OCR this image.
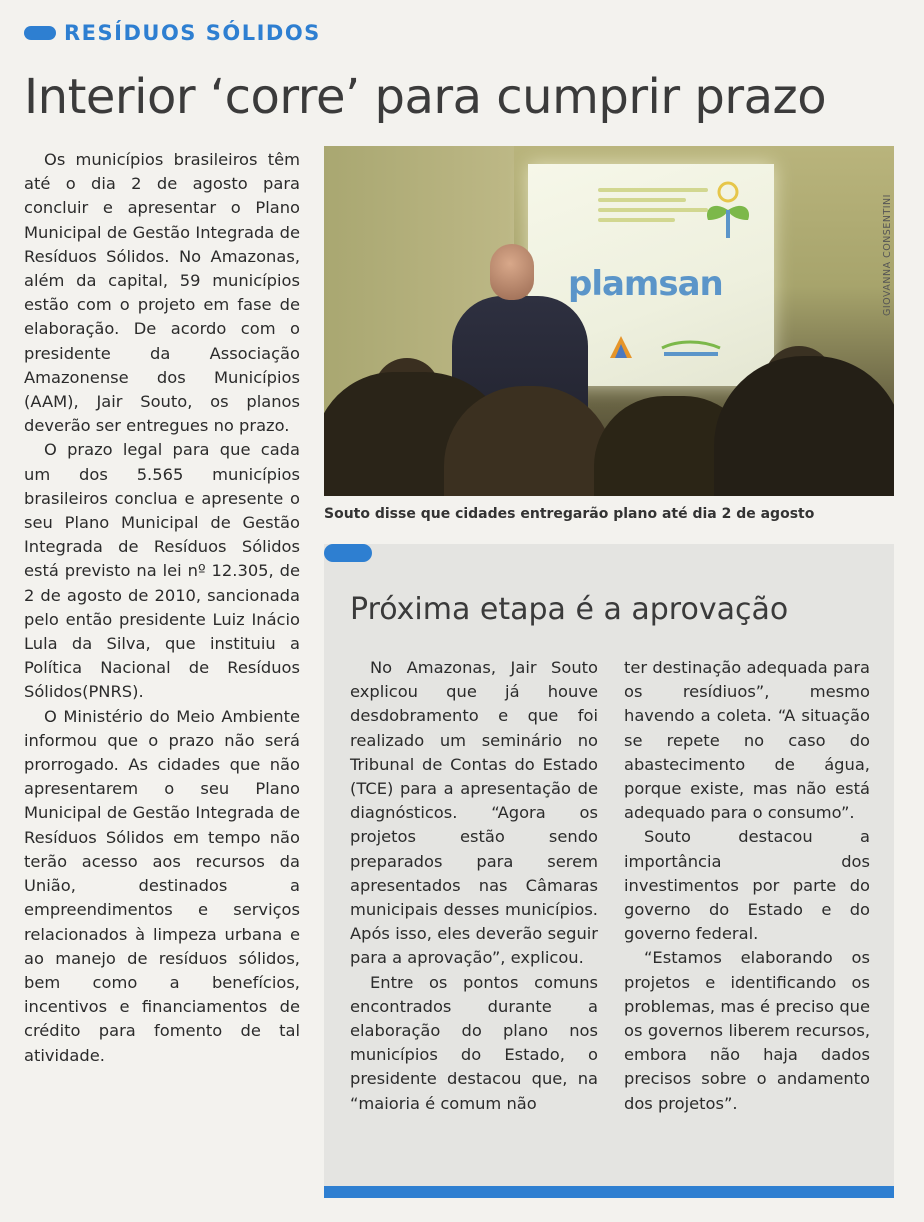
RESÍDUOS SÓLIDOS
Interior ‘corre’ para cumprir prazo

Os municípios brasileiros têm até o dia 2 de agosto para concluir e apresentar o Plano Municipal de Gestão Integrada de Resíduos Sólidos. No Amazonas, além da capital, 59 municípios estão com o projeto em fase de elaboração. De acordo com o presidente da Associação Amazonense dos Municípios (AAM), Jair Souto, os planos deverão ser entregues no prazo.

O prazo legal para que cada um dos 5.565 municípios brasileiros conclua e apresente o seu Plano Municipal de Gestão Integrada de Resíduos Sólidos está previsto na lei nº 12.305, de 2 de agosto de 2010, sancionada pelo então presidente Luiz Inácio Lula da Silva, que instituiu a Política Nacional de Resíduos Sólidos(PNRS).

O Ministério do Meio Ambiente informou que o prazo não será prorrogado. As cidades que não apresentarem o seu Plano Municipal de Gestão Integrada de Resíduos Sólidos em tempo não terão acesso aos recursos da União, destinados a empreendimentos e serviços relacionados à limpeza urbana e ao manejo de resíduos sólidos, bem como a benefícios, incentivos e financiamentos de crédito para fomento de tal atividade.

plamsan	GIOVANNA CONSENTINI
Souto disse que cidades entregarão plano até dia 2 de agosto
Próxima etapa é a aprovação

No Amazonas, Jair Souto explicou que já houve desdobramento e que foi realizado um seminário no Tribunal de Contas do Estado (TCE) para a apresentação de diagnósticos. “Agora os projetos estão sendo preparados para serem apresentados nas Câmaras municipais desses municípios. Após isso, eles deverão seguir para a aprovação”, explicou.

Entre os pontos comuns encontrados durante a elaboração do plano nos municípios do Estado, o presidente destacou que, na “maioria é comum não

ter destinação adequada para os resídiuos”, mesmo havendo a coleta. “A situação se repete no caso do abastecimento de água, porque existe, mas não está adequado para o consumo”.

Souto destacou a importância dos investimentos por parte do governo do Estado e do governo federal.

“Estamos elaborando os projetos e identificando os problemas, mas é preciso que os governos liberem recursos, embora não haja dados precisos sobre o andamento dos projetos”.
